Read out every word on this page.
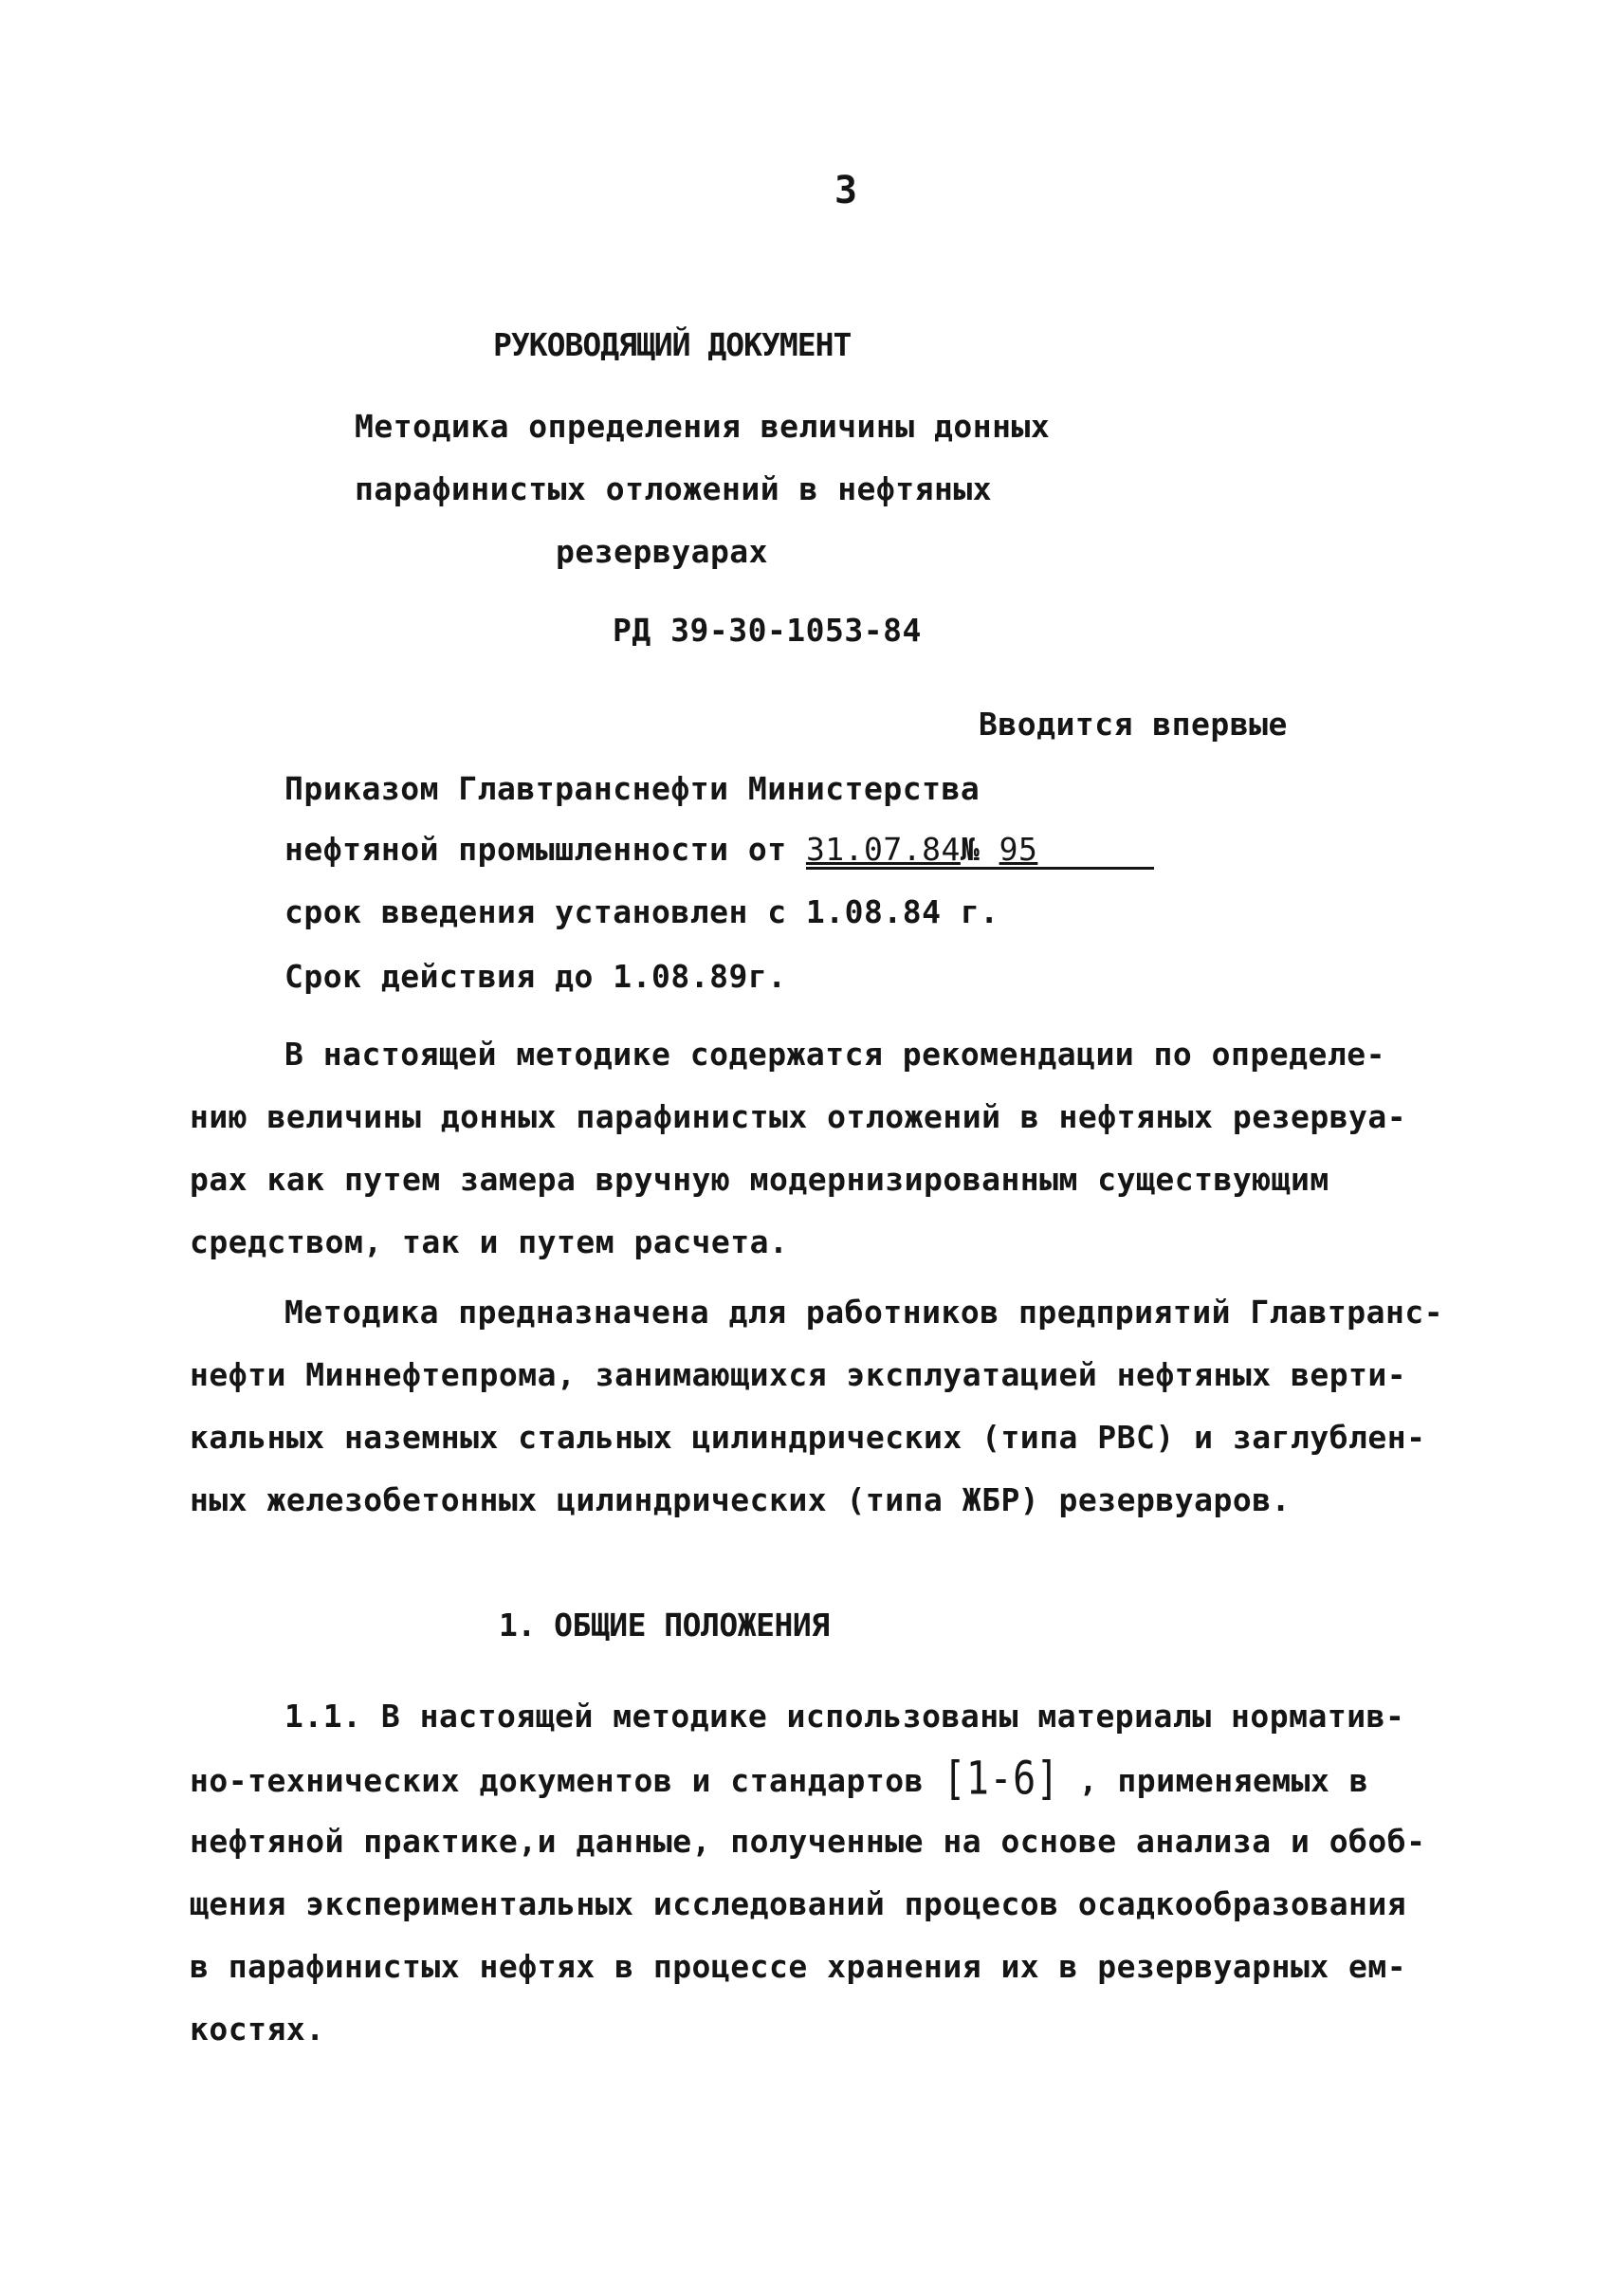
3
РУКОВОДЯЩИЙ ДОКУМЕНТ
Методика определения величины донных
парафинистых отложений в нефтяных
резервуарах
РД 39-30-1053-84
Вводится впервые
Приказом Главтранснефти Министерства
нефтяной промышленности от 31.07.84№ 95
срок введения установлен с 1.08.84 г.
Срок действия до 1.08.89г.
В настоящей методике содержатся рекомендации по определе-
нию величины донных парафинистых отложений в нефтяных резервуа-
рах как путем замера вручную модернизированным существующим
средством, так и путем расчета.
Методика предназначена для работников предприятий Главтранс-
нефти Миннефтепрома, занимающихся эксплуатацией нефтяных верти-
кальных наземных стальных цилиндрических (типа РВС) и заглублен-
ных железобетонных цилиндрических (типа ЖБР) резервуаров.
1. ОБЩИЕ ПОЛОЖЕНИЯ
1.1. В настоящей методике использованы материалы норматив-
но-технических документов и стандартов [1-6] , применяемых в
нефтяной практике,и данные, полученные на основе анализа и обоб-
щения экспериментальных исследований процесов осадкообразования
в парафинистых нефтях в процессе хранения их в резервуарных ем-
костях.
